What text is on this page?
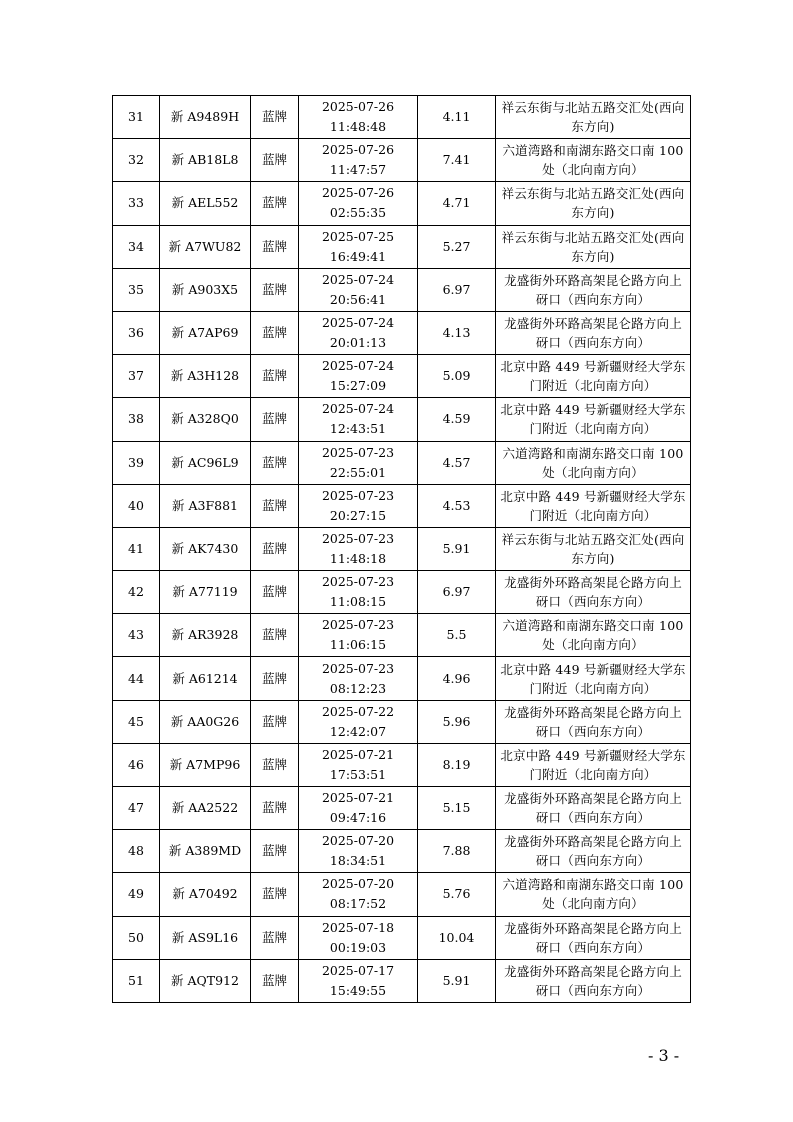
31	新 A9489H	蓝牌	2025-07-26 11:48:48	4.11	祥云东街与北站五路交汇处(西向东方向)
32	新 AB18L8	蓝牌	2025-07-26 11:47:57	7.41	六道湾路和南湖东路交口南 100 处（北向南方向）
33	新 AEL552	蓝牌	2025-07-26 02:55:35	4.71	祥云东街与北站五路交汇处(西向东方向)
34	新 A7WU82	蓝牌	2025-07-25 16:49:41	5.27	祥云东街与北站五路交汇处(西向东方向)
35	新 A903X5	蓝牌	2025-07-24 20:56:41	6.97	龙盛街外环路高架昆仑路方向上砑口（西向东方向）
36	新 A7AP69	蓝牌	2025-07-24 20:01:13	4.13	龙盛街外环路高架昆仑路方向上砑口（西向东方向）
37	新 A3H128	蓝牌	2025-07-24 15:27:09	5.09	北京中路 449 号新疆财经大学东门附近（北向南方向）
38	新 A328Q0	蓝牌	2025-07-24 12:43:51	4.59	北京中路 449 号新疆财经大学东门附近（北向南方向）
39	新 AC96L9	蓝牌	2025-07-23 22:55:01	4.57	六道湾路和南湖东路交口南 100 处（北向南方向）
40	新 A3F881	蓝牌	2025-07-23 20:27:15	4.53	北京中路 449 号新疆财经大学东门附近（北向南方向）
41	新 AK7430	蓝牌	2025-07-23 11:48:18	5.91	祥云东街与北站五路交汇处(西向东方向)
42	新 A77119	蓝牌	2025-07-23 11:08:15	6.97	龙盛街外环路高架昆仑路方向上砑口（西向东方向）
43	新 AR3928	蓝牌	2025-07-23 11:06:15	5.5	六道湾路和南湖东路交口南 100 处（北向南方向）
44	新 A61214	蓝牌	2025-07-23 08:12:23	4.96	北京中路 449 号新疆财经大学东门附近（北向南方向）
45	新 AA0G26	蓝牌	2025-07-22 12:42:07	5.96	龙盛街外环路高架昆仑路方向上砑口（西向东方向）
46	新 A7MP96	蓝牌	2025-07-21 17:53:51	8.19	北京中路 449 号新疆财经大学东门附近（北向南方向）
47	新 AA2522	蓝牌	2025-07-21 09:47:16	5.15	龙盛街外环路高架昆仑路方向上砑口（西向东方向）
48	新 A389MD	蓝牌	2025-07-20 18:34:51	7.88	龙盛街外环路高架昆仑路方向上砑口（西向东方向）
49	新 A70492	蓝牌	2025-07-20 08:17:52	5.76	六道湾路和南湖东路交口南 100 处（北向南方向）
50	新 AS9L16	蓝牌	2025-07-18 00:19:03	10.04	龙盛街外环路高架昆仑路方向上砑口（西向东方向）
51	新 AQT912	蓝牌	2025-07-17 15:49:55	5.91	龙盛街外环路高架昆仑路方向上砑口（西向东方向）
- 3 -
